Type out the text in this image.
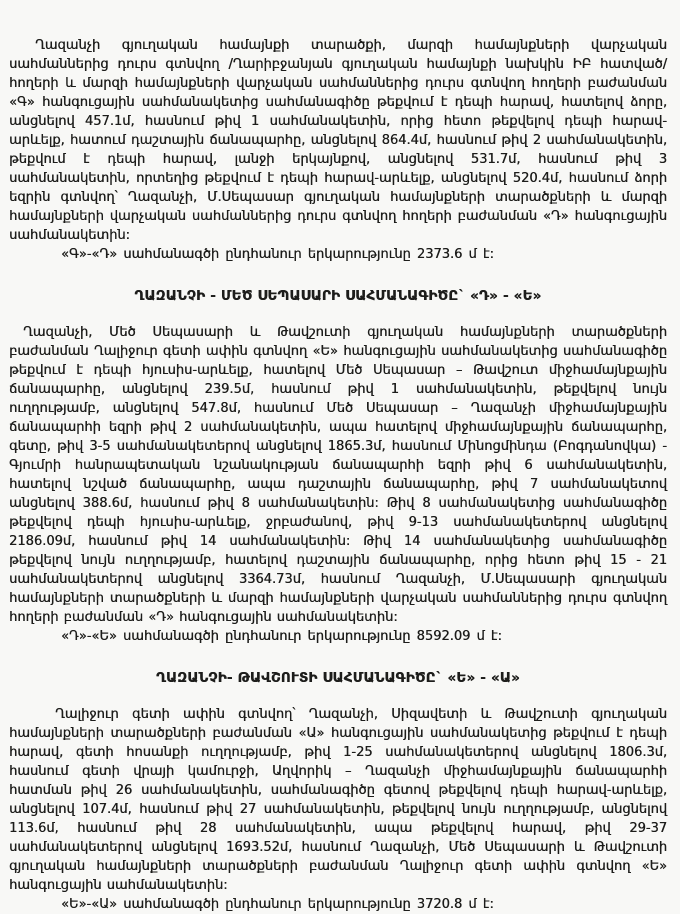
Ղազանչի գյուղական համայնքի տարածքի, մարզի համայնքների վարչական սահմաններից դուրս գտնվող /Ղարիբջանյան գյուղական համայնքի նախկին ԻԲ հատված/ հողերի և մարզի համայնքների վարչական սահմաններից դուրս գտնվող հողերի բաժանման «Գ» հանգուցային սահմանակետից սահմանագիծը թեքվում է դեպի հարավ, հատելով ձորը, անցնելով 457.1մ, հասնում թիվ 1 սահմանակետին, որից հետո թեքվելով դեպի հարավ-արևելք, հատում դաշտային ճանապարհը, անցնելով 864.4մ, հասնում թիվ 2 սահմանակետին, թեքվում է դեպի հարավ, լանջի երկայնքով, անցնելով 531.7մ, հասնում թիվ 3 սահմանակետին, որտեղից թեքվում է դեպի հարավ-արևելք, անցնելով 520.4մ, հասնում ձորի եզրին գտնվող՝ Ղազանչի, Մ.Սեպասար գյուղական համայնքների տարածքների և մարզի համայնքների վարչական սահմաններից դուրս գտնվող հողերի բաժանման «Դ» հանգուցային սահմանակետին:

«Գ»-«Դ» սահմանագծի ընդհանուր երկարությունը 2373.6 մ է:

ՂԱԶԱՆՉԻ - ՄԵԾ ՍԵՊԱՍԱՐԻ ՍԱՀՄԱՆԱԳԻԾԸ` «Դ» - «Ե»

Ղազանչի, Մեծ Սեպասարի և Թավշուտի գյուղական համայնքների տարածքների բաժանման Ղալիջուր գետի ափին գտնվող «Ե» հանգուցային սահմանակետից սահմանագիծը թեքվում է դեպի հյուսիս-արևելք, հատելով Մեծ Սեպասար – Թավշուտ միջհամայնքային ճանապարհը, անցնելով 239.5մ, հասնում թիվ 1 սահմանակետին, թեքվելով նույն ուղղությամբ, անցնելով 547.8մ, հասնում Մեծ Սեպասար – Ղազանչի միջհամայնքային ճանապարհի եզրի թիվ 2 սահմանակետին, ապա հատելով միջհամայնքային ճանապարհը, գետը, թիվ 3-5 սահմանակետերով անցնելով 1865.3մ, հասնում Մինոցմինդա (Բոգդանովկա) - Գյումրի հանրապետական նշանակության ճանապարհի եզրի թիվ 6 սահմանակետին, հատելով նշված ճանապարհը, ապա դաշտային ճանապարհը, թիվ 7 սահմանակետով անցնելով 388.6մ, հասնում թիվ 8 սահմանակետին: Թիվ 8 սահմանակետից սահմանագիծը թեքվելով դեպի հյուսիս-արևելք, ջրբաժանով, թիվ 9-13 սահմանակետերով անցնելով 2186.09մ, հասնում թիվ 14 սահմանակետին: Թիվ 14 սահմանակետից սահմանագիծը թեքվելով նույն ուղղությամբ, հատելով դաշտային ճանապարհը, որից հետո թիվ 15 - 21 սահմանակետերով անցնելով 3364.73մ, հասնում Ղազանչի, Մ.Սեպասարի գյուղական համայնքների տարածքների և մարզի համայնքների վարչական սահմաններից դուրս գտնվող հողերի բաժանման «Դ» հանգուցային սահմանակետին:

«Դ»-«Ե» սահմանագծի ընդհանուր երկարությունը 8592.09 մ է:

ՂԱԶԱՆՉԻ- ԹԱՎՇՈՒՏԻ ՍԱՀՄԱՆԱԳԻԾԸ` «Ե» - «Ա»

Ղալիջուր գետի ափին գտնվող՝ Ղազանչի, Սիզավետի և Թավշուտի գյուղական համայնքների տարածքների բաժանման «Ա» հանգուցային սահմանակետից թեքվում է դեպի հարավ, գետի հոսանքի ուղղությամբ, թիվ 1-25 սահմանակետերով անցնելով 1806.3մ, հասնում գետի վրայի կամուրջի, Աղվորիկ – Ղազանչի միջհամայնքային ճանապարհի հատման թիվ 26 սահմանակետին, սահմանագիծը գետով թեքվելով դեպի հարավ-արևելք, անցնելով 107.4մ, հասնում թիվ 27 սահմանակետին, թեքվելով նույն ուղղությամբ, անցնելով 113.6մ, հասնում թիվ 28 սահմանակետին, ապա թեքվելով հարավ, թիվ 29-37 սահմանակետերով անցնելով 1693.52մ, հասնում Ղազանչի, Մեծ Սեպասարի և Թավշուտի գյուղական համայնքների տարածքների բաժանման Ղալիջուր գետի ափին գտնվող «Ե» հանգուցային սահմանակետին:

«Ե»-«Ա» սահմանագծի ընդհանուր երկարությունը 3720.8 մ է:
